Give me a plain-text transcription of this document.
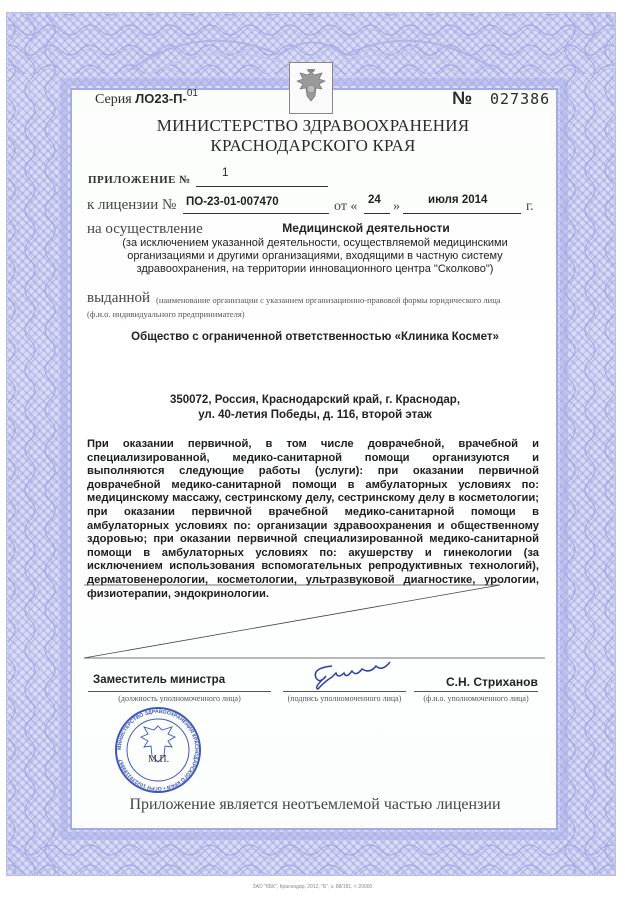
Серия ЛО23-П-$^{01}$	№ 027386
МИНИСТЕРСТВО ЗДРАВООХРАНЕНИЯ
КРАСНОДАРСКОГО КРАЯ
ПРИЛОЖЕНИЕ №
1
к лицензии № ПО-23-01-007470	от « 24 » июля 2014	г.
на осуществление	Медицинской деятельности
(за исключением указанной деятельности, осуществляемой медицинскими
организациями и другими организациями, входящими в частную систему
здравоохранения, на территории инновационного центра "Сколково")
выданной (наименование организации с указанием организационно-правовой формы юридического лица
(ф.и.о. индивидуального предпринимателя)
Общество с ограниченной ответственностью «Клиника Космет»
350072, Россия, Краснодарский край, г. Краснодар,
ул. 40-летия Победы, д. 116, второй этаж
При оказании первичной, в том числе доврачебной, врачебной и специализированной, медико-санитарной помощи организуются и выполняются следующие работы (услуги): при оказании первичной доврачебной медико-санитарной помощи в амбулаторных условиях по: медицинскому массажу, сестринскому делу, сестринскому делу в косметологии; при оказании первичной врачебной медико-санитарной помощи в амбулаторных условиях по: организации здравоохранения и общественному здоровью; при оказании первичной специализированной медико-санитарной помощи в амбулаторных условиях по: акушерству и гинекологии (за исключением использования вспомогательных репродуктивных технологий), дерматовенерологии, косметологии, ультразвуковой диагностике, урологии, физиотерапии, эндокринологии.
Заместитель министра
(должность уполномоченного лица)	(подпись уполномоченного лица)
С.Н. Стриханов
(ф.и.о. уполномоченного лица)
МИНИСТЕРСТВО ЗДРАВООХРАНЕНИЯ КРАСНОДАРСКОГО КРАЯ • ОГРН 1022301189867	М.П.
Приложение является неотъемлемой частью лицензии
ЗАО "КБК", Краснодар, 2012, "Б", з. 88/181, т. 20000
